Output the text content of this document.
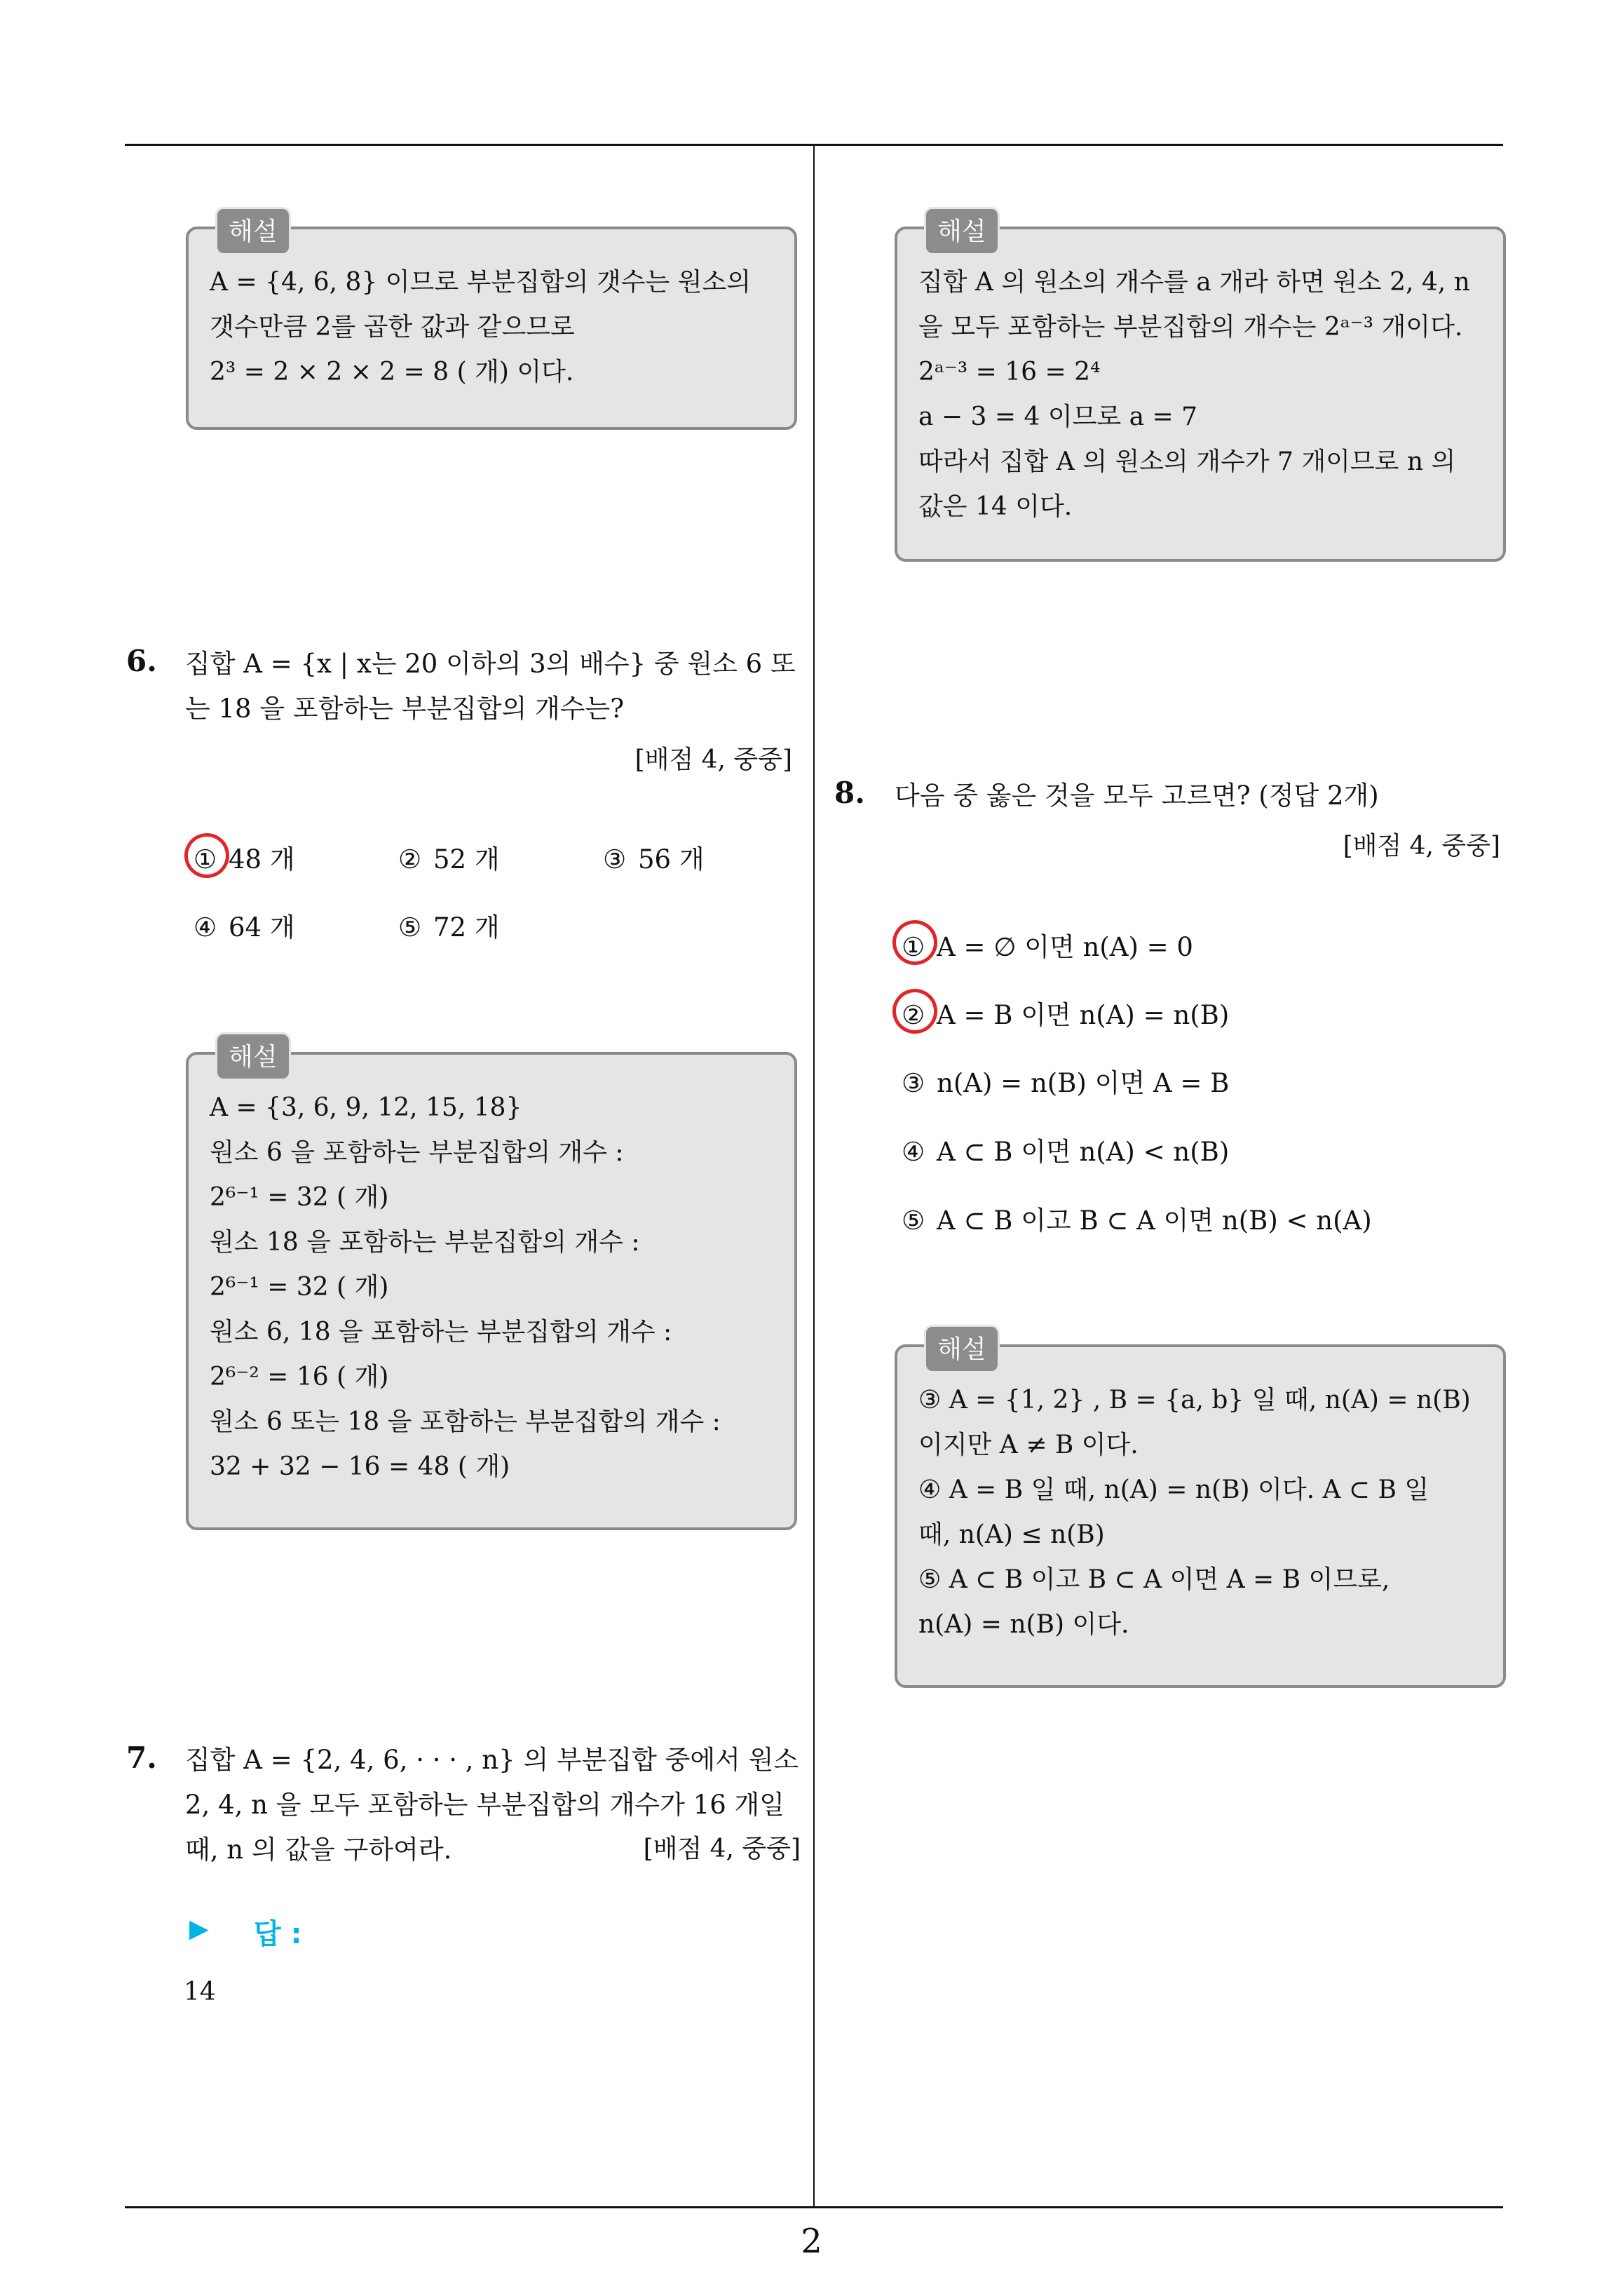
해설
A = {4, 6, 8} 이므로 부분집합의 갯수는 원소의
갯수만큼 2를 곱한 값과 같으므로
2³ = 2 × 2 × 2 = 8 ( 개) 이다.
6. 집합 A = {x | x는 20 이하의 3의 배수} 중 원소 6 또
는 18 을 포함하는 부분집합의 개수는?
[배점 4, 중중]
① 48 개	② 52 개	③ 56 개
④ 64 개	⑤ 72 개
해설
A = {3, 6, 9, 12, 15, 18}
원소 6 을 포함하는 부분집합의 개수 :
2⁶⁻¹ = 32 ( 개)
원소 18 을 포함하는 부분집합의 개수 :
2⁶⁻¹ = 32 ( 개)
원소 6, 18 을 포함하는 부분집합의 개수 :
2⁶⁻² = 16 ( 개)
원소 6 또는 18 을 포함하는 부분집합의 개수 :
32 + 32 − 16 = 48 ( 개)
7. 집합 A = {2, 4, 6, · · · , n} 의 부분집합 중에서 원소
2, 4, n 을 모두 포함하는 부분집합의 개수가 16 개일
때, n 의 값을 구하여라.	[배점 4, 중중]
▶ 답 :
14
해설
집합 A 의 원소의 개수를 a 개라 하면 원소 2, 4, n
을 모두 포함하는 부분집합의 개수는 2ᵃ⁻³ 개이다.
2ᵃ⁻³ = 16 = 2⁴
a − 3 = 4 이므로 a = 7
따라서 집합 A 의 원소의 개수가 7 개이므로 n 의
값은 14 이다.
8. 다음 중 옳은 것을 모두 고르면? (정답 2개)
[배점 4, 중중]
① A = ∅ 이면 n(A) = 0
② A = B 이면 n(A) = n(B)
③ n(A) = n(B) 이면 A = B
④ A ⊂ B 이면 n(A) < n(B)
⑤ A ⊂ B 이고 B ⊂ A 이면 n(B) < n(A)
해설
③ A = {1, 2} , B = {a, b} 일 때, n(A) = n(B)
이지만 A ≠ B 이다.
④ A = B 일 때, n(A) = n(B) 이다. A ⊂ B 일
때, n(A) ≤ n(B)
⑤ A ⊂ B 이고 B ⊂ A 이면 A = B 이므로,
n(A) = n(B) 이다.
2
